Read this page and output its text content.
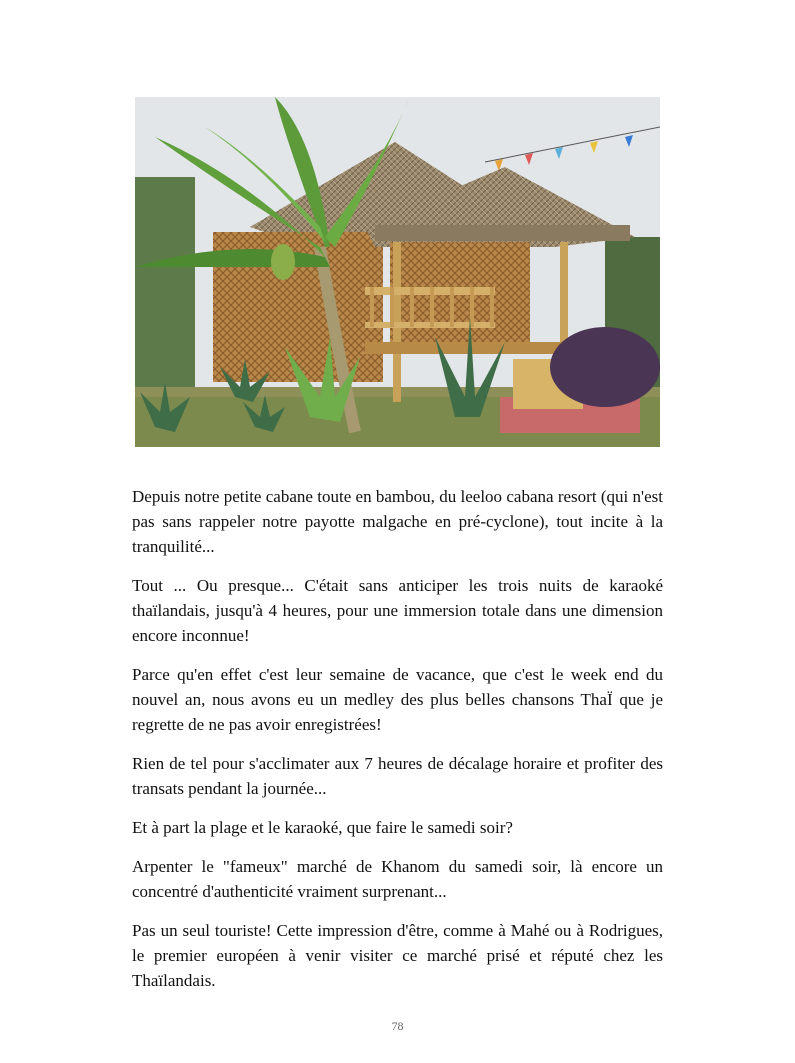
Depuis notre petite cabane toute en bambou, du leeloo cabana resort (qui n'est pas sans rappeler notre payotte malgache en pré-cyclone), tout incite à la tranquilité...

Tout ... Ou presque... C'était sans anticiper les trois nuits de karaoké thaïlandais, jusqu'à 4 heures, pour une immersion totale dans une dimension encore inconnue!

Parce qu'en effet c'est leur semaine de vacance, que c'est le week end du nouvel an, nous avons eu un medley des plus belles chansons ThaÏ que je regrette de ne pas avoir enregistrées!

Rien de tel pour s'acclimater aux 7 heures de décalage horaire et profiter des transats pendant la journée...

Et à part la plage et le karaoké, que faire le samedi soir?

Arpenter le "fameux" marché de Khanom du samedi soir, là encore un concentré d'authenticité vraiment surprenant...

Pas un seul touriste! Cette impression d'être, comme à Mahé ou à Rodrigues, le premier européen à venir visiter ce marché prisé et réputé chez les Thaïlandais.

78
